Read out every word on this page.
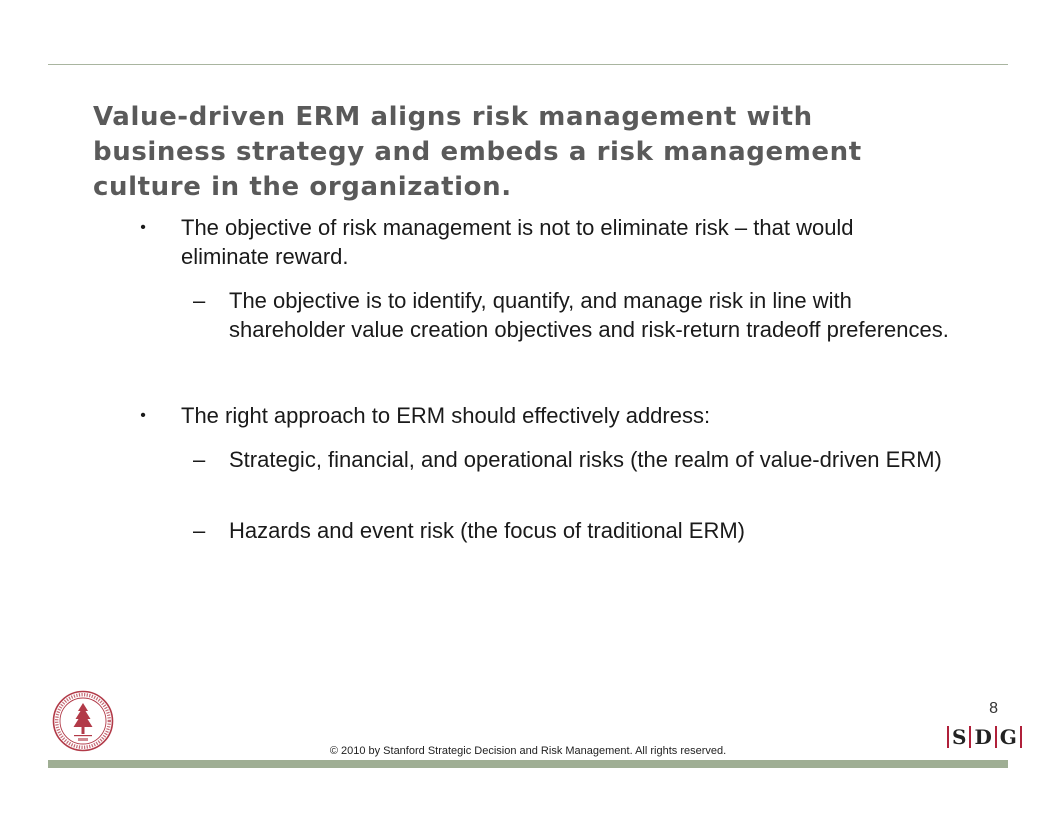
Value-driven ERM aligns risk management with business strategy and embeds a risk management culture in the organization.
• The objective of risk management is not to eliminate risk – that would eliminate reward.
– The objective is to identify, quantify, and manage risk in line with shareholder value creation objectives and risk-return tradeoff preferences.
• The right approach to ERM should effectively address:
– Strategic, financial, and operational risks (the realm of value-driven ERM)
– Hazards and event risk (the focus of traditional ERM)
8
S D G
© 2010 by Stanford Strategic Decision and Risk Management. All rights reserved.
